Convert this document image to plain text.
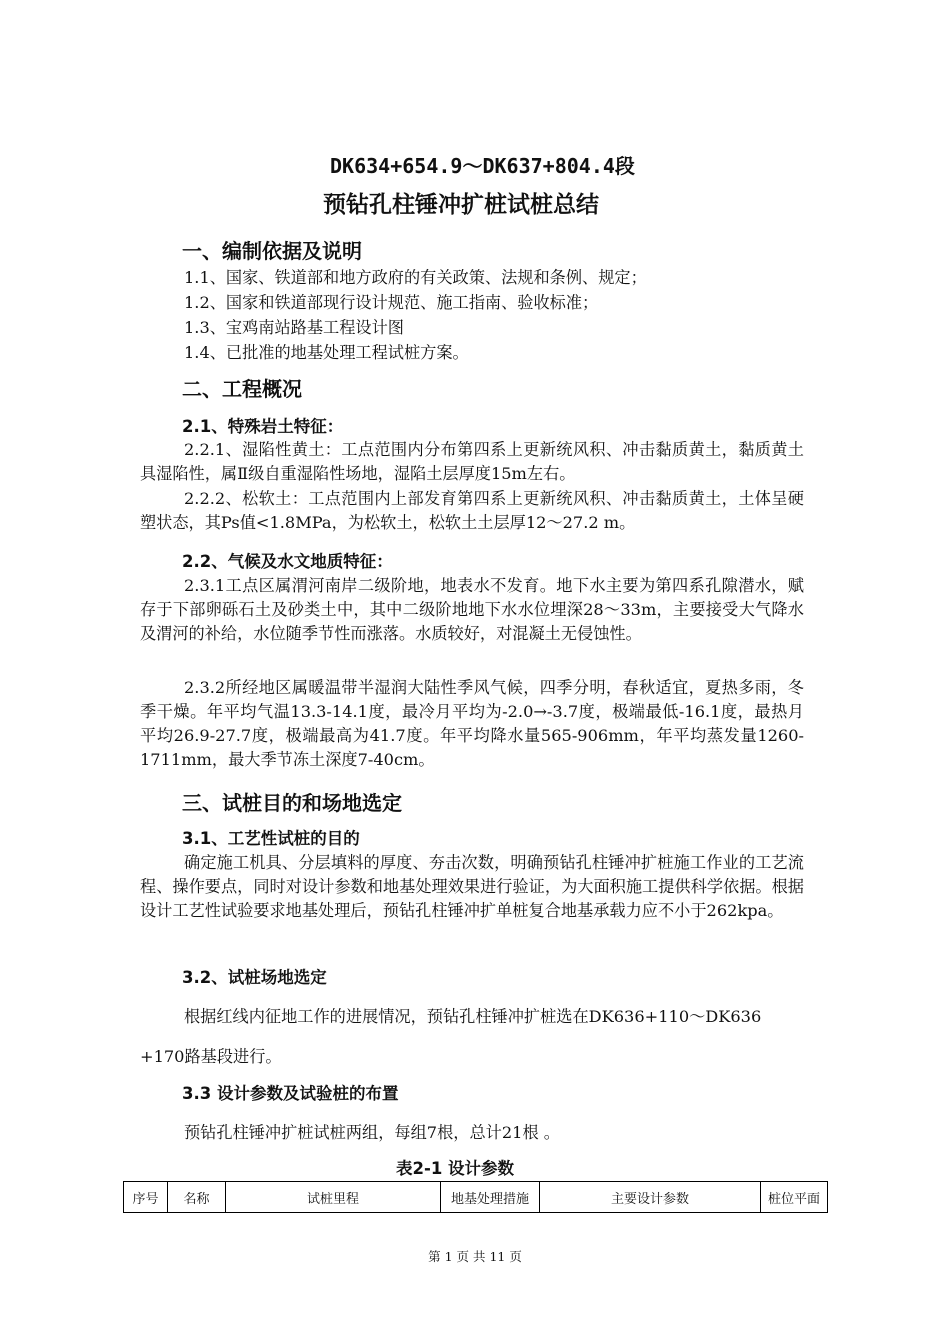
DK634+654.9～DK637+804.4段
预钻孔柱锤冲扩桩试桩总结
一、编制依据及说明
1.1、国家、铁道部和地方政府的有关政策、法规和条例、规定；
1.2、国家和铁道部现行设计规范、施工指南、验收标准；
1.3、宝鸡南站路基工程设计图
1.4、已批准的地基处理工程试桩方案。
二、工程概况
2.1、特殊岩土特征：

2.2.1、湿陷性黄土：工点范围内分布第四系上更新统风积、冲击黏质黄土，黏质黄土具湿陷性，属Ⅱ级自重湿陷性场地，湿陷土层厚度15m左右。

2.2.2、松软土：工点范围内上部发育第四系上更新统风积、冲击黏质黄土，土体呈硬塑状态，其Ps值<1.8MPa，为松软土，松软土土层厚12～27.2 m。

2.2、气候及水文地质特征：

2.3.1工点区属渭河南岸二级阶地，地表水不发育。地下水主要为第四系孔隙潜水，赋存于下部卵砾石土及砂类土中，其中二级阶地地下水水位埋深28～33m，主要接受大气降水及渭河的补给，水位随季节性而涨落。水质较好，对混凝土无侵蚀性。

2.3.2所经地区属暖温带半湿润大陆性季风气候，四季分明，春秋适宜，夏热多雨，冬季干燥。年平均气温13.3-14.1度，最冷月平均为-2.0→-3.7度，极端最低-16.1度，最热月平均26.9-27.7度，极端最高为41.7度。年平均降水量565-906mm，年平均蒸发量1260-1711mm，最大季节冻土深度7-40cm。

三、试桩目的和场地选定
3.1、工艺性试桩的目的

确定施工机具、分层填料的厚度、夯击次数，明确预钻孔柱锤冲扩桩施工作业的工艺流程、操作要点，同时对设计参数和地基处理效果进行验证，为大面积施工提供科学依据。根据设计工艺性试验要求地基处理后，预钻孔柱锤冲扩单桩复合地基承载力应不小于262kpa。

3.2、试桩场地选定
根据红线内征地工作的进展情况，预钻孔柱锤冲扩桩选在DK636+110～DK636
+170路基段进行。
3.3 设计参数及试验桩的布置
预钻孔柱锤冲扩桩试桩两组，每组7根，总计21根 。
表2-1 设计参数
序号	名称	试桩里程	地基处理措施	主要设计参数	桩位平面
第 1 页 共 11 页
